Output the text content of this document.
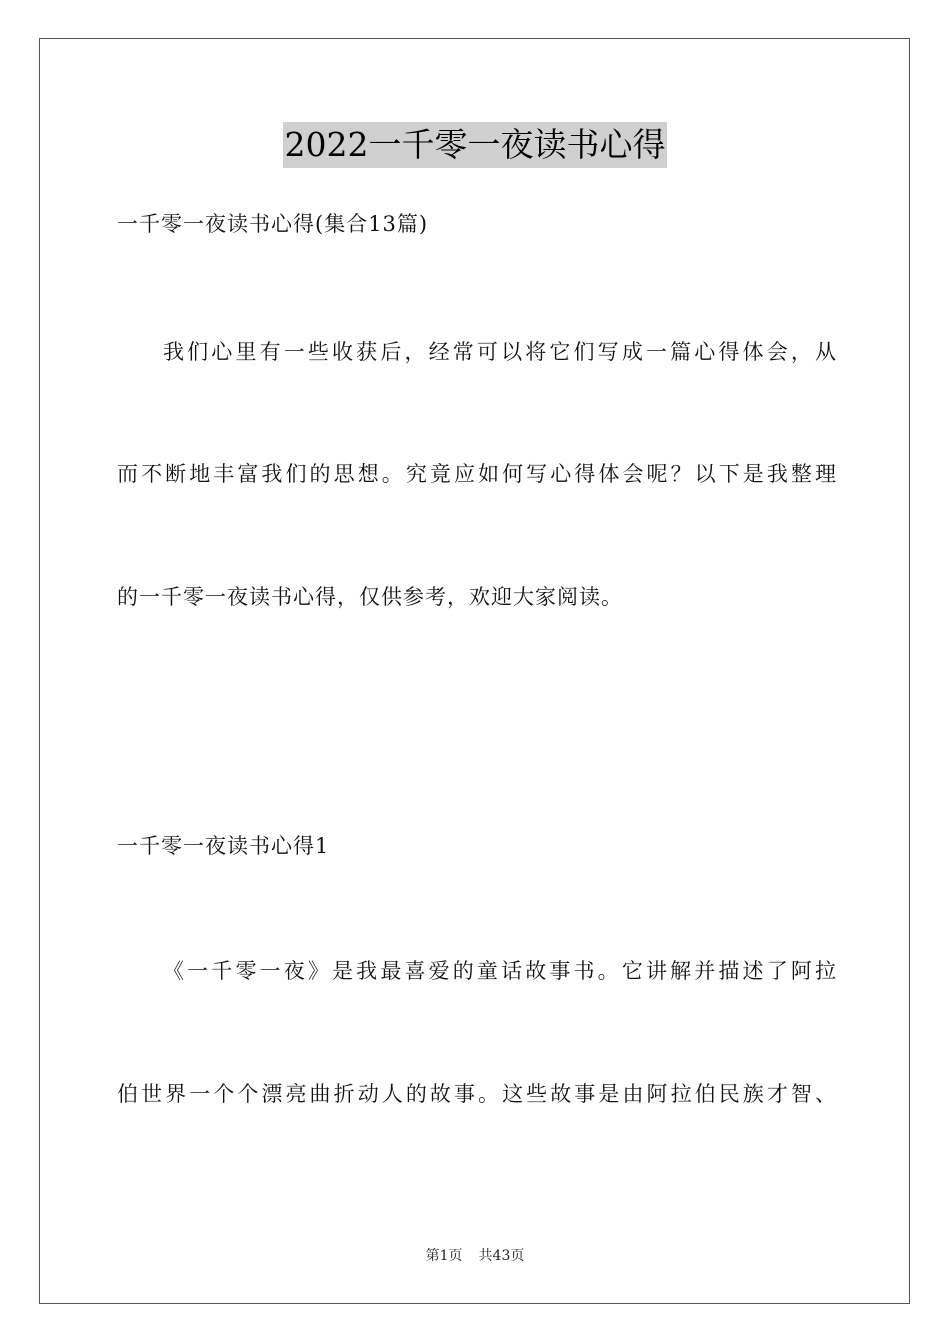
2022一千零一夜读书心得

一千零一夜读书心得(集合13篇)

我们心里有一些收获后，经常可以将它们写成一篇心得体会，从

而不断地丰富我们的思想。究竟应如何写心得体会呢？以下是我整理

的一千零一夜读书心得，仅供参考，欢迎大家阅读。

一千零一夜读书心得1

《一千零一夜》是我最喜爱的童话故事书。它讲解并描述了阿拉

伯世界一个个漂亮曲折动人的故事。这些故事是由阿拉伯民族才智、

第1页 共43页
